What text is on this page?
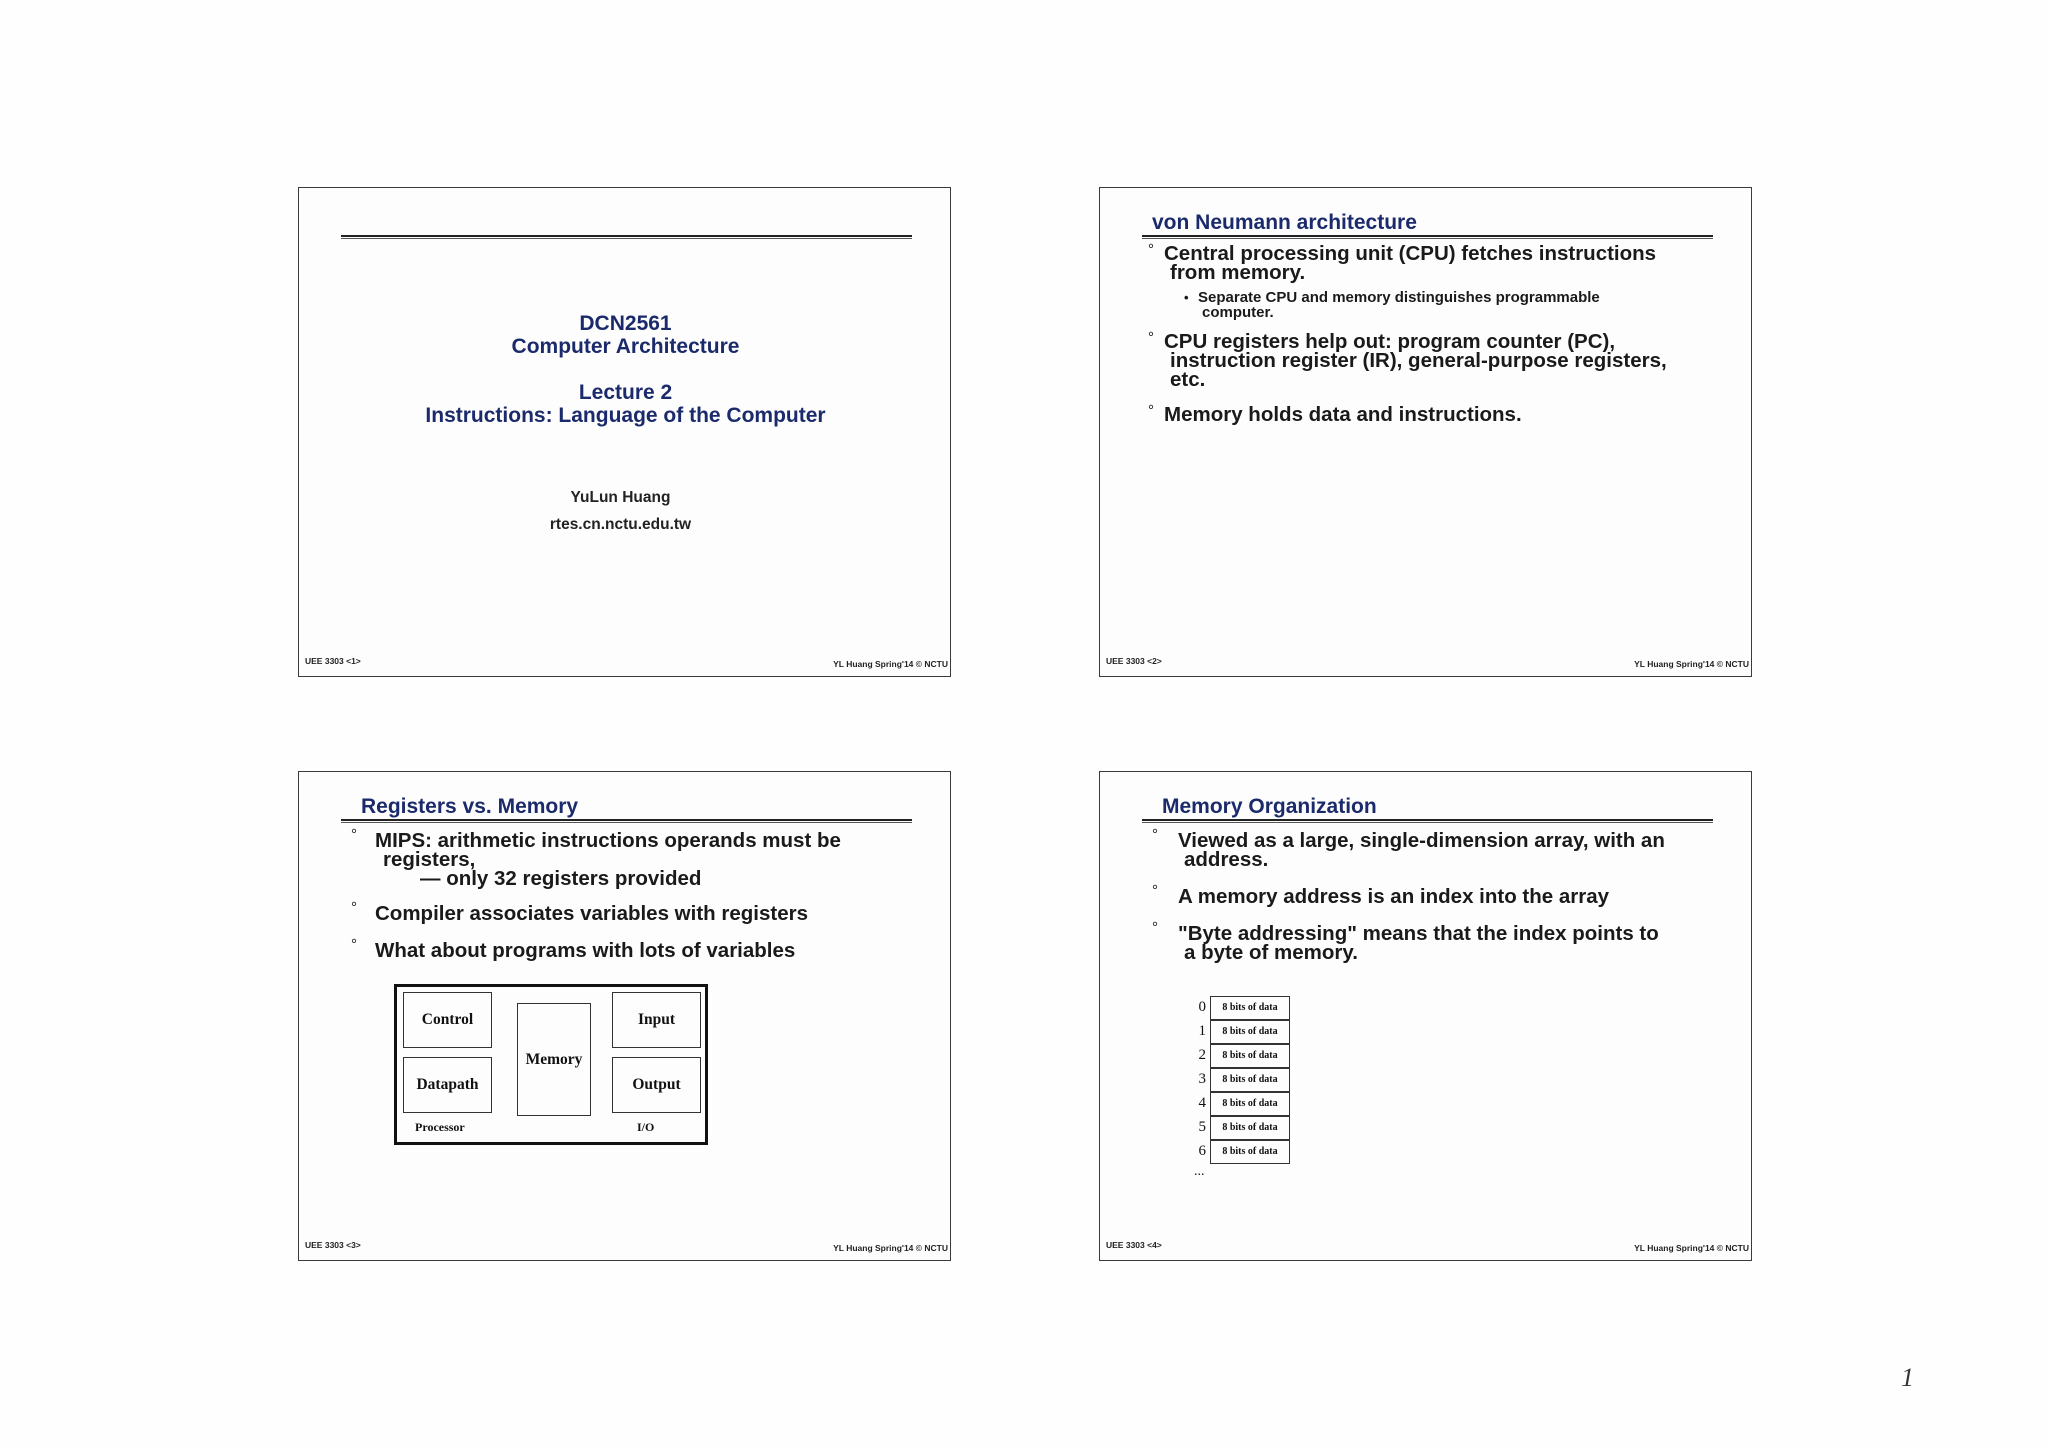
DCN2561
Computer Architecture
Lecture 2
Instructions: Language of the Computer
YuLun Huang
rtes.cn.nctu.edu.tw
UEE 3303 <1>	YL Huang Spring'14 © NCTU
von Neumann architecture
° Central processing unit (CPU) fetches instructions
from memory.
• Separate CPU and memory distinguishes programmable
computer.
° CPU registers help out: program counter (PC),
instruction register (IR), general-purpose registers,
etc.
° Memory holds data and instructions.
UEE 3303 <2>	YL Huang Spring'14 © NCTU
Registers vs. Memory
° MIPS: arithmetic instructions operands must be
registers,
— only 32 registers provided
° Compiler associates variables with registers
° What about programs with lots of variables
Control
Datapath
Memory
Input
Output
Processor	I/O
UEE 3303 <3>	YL Huang Spring'14 © NCTU
Memory Organization
° Viewed as a large, single-dimension array, with an
address.
° A memory address is an index into the array
° "Byte addressing" means that the index points to
a byte of memory.
0	8 bits of data
1	8 bits of data
2	8 bits of data
3	8 bits of data
4	8 bits of data
5	8 bits of data
6	8 bits of data
...
UEE 3303 <4>	YL Huang Spring'14 © NCTU
1
